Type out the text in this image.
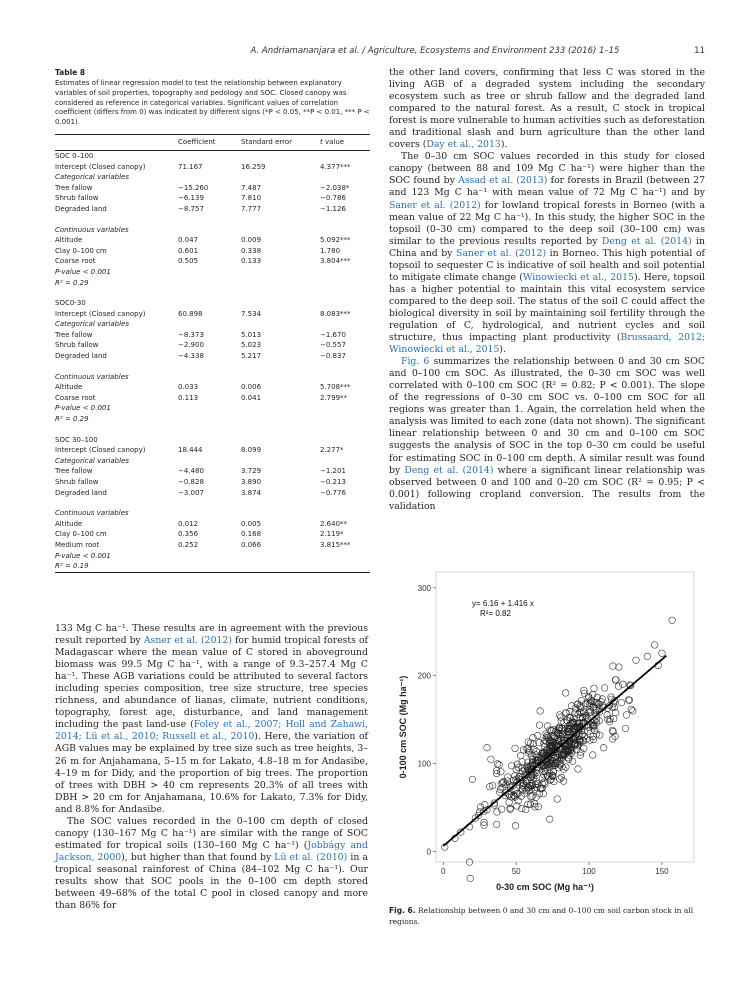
A. Andriamananjara et al. / Agriculture, Ecosystems and Environment 233 (2016) 1–15	11
Table 8
Estimates of linear regression model to test the relationship between explanatory variables of soil properties, topography and pedology and SOC. Closed canopy was considered as reference in categorical variables. Significant values of correlation coefficient (differs from 0) was indicated by different signs (*P < 0.05, **P < 0.01, *** P < 0.001).
	Coefficient	Standard error	t value
SOC 0–100			
Intercept (Closed canopy)	71.167	16.259	4.377***
Categorical variables			
Tree fallow	−15.260	7.487	−2.038*
Shrub fallow	−6.139	7.810	−0.786
Degraded land	−8.757	7.777	−1.126

Continuous variables			
Altitude	0.047	0.009	5.092***
Clay 0–100 cm	0.601	0.338	1.780
Coarse root	0.505	0.133	3.804***
P-value < 0.001			
R² = 0.29			

SOC0-30			
Intercept (Closed canopy)	60.898	7.534	8.083***
Categorical variables			
Tree fallow	−8.373	5.013	−1.670
Shrub fallow	−2.900	5.023	−0.557
Degraded land	−4.338	5.217	−0.837

Continuous variables			
Altitude	0.033	0.006	5.708***
Coarse root	0.113	0.041	2.799**
P-value < 0.001			
R² = 0.29			

SOC 30–100			
Intercept (Closed canopy)	18.444	8.099	2.277*
Categorical variables			
Tree fallow	−4.480	3.729	−1.201
Shrub fallow	−0.828	3.890	−0.213
Degraded land	−3.007	3.874	−0.776

Continuous variables			
Altitude	0.012	0.005	2.640**
Clay 0–100 cm	0.356	0.168	2.119*
Medium root	0.252	0.066	3.815***
P-value < 0.001			
R² = 0.19			

the other land covers, confirming that less C was stored in the living AGB of a degraded system including the secondary ecosystem such as tree or shrub fallow and the degraded land compared to the natural forest. As a result, C stock in tropical forest is more vulnerable to human activities such as deforestation and traditional slash and burn agriculture than the other land covers (Day et al., 2013).

The 0–30 cm SOC values recorded in this study for closed canopy (between 88 and 109 Mg C ha⁻¹) were higher than the SOC found by Assad et al. (2013) for forests in Brazil (between 27 and 123 Mg C ha⁻¹ with mean value of 72 Mg C ha⁻¹) and by Saner et al. (2012) for lowland tropical forests in Borneo (with a mean value of 22 Mg C ha⁻¹). In this study, the higher SOC in the topsoil (0–30 cm) compared to the deep soil (30–100 cm) was similar to the previous results reported by Deng et al. (2014) in China and by Saner et al. (2012) in Borneo. This high potential of topsoil to sequester C is indicative of soil health and soil potential to mitigate climate change (Winowiecki et al., 2015). Here, topsoil has a higher potential to maintain this vital ecosystem service compared to the deep soil. The status of the soil C could affect the biological diversity in soil by maintaining soil fertility through the regulation of C, hydrological, and nutrient cycles and soil structure, thus impacting plant productivity (Brussaard, 2012; Winowiecki et al., 2015).

Fig. 6 summarizes the relationship between 0 and 30 cm SOC and 0–100 cm SOC. As illustrated, the 0–30 cm SOC was well correlated with 0–100 cm SOC (R² = 0.82; P < 0.001). The slope of the regressions of 0–30 cm SOC vs. 0–100 cm SOC for all regions was greater than 1. Again, the correlation held when the analysis was limited to each zone (data not shown). The significant linear relationship between 0 and 30 cm and 0–100 cm SOC suggests the analysis of SOC in the top 0–30 cm could be useful for estimating SOC in 0–100 cm depth. A similar result was found by Deng et al. (2014) where a significant linear relationship was observed between 0 and 100 and 0–20 cm SOC (R² = 0.95; P < 0.001) following cropland conversion. The results from the validation

133 Mg C ha⁻¹. These results are in agreement with the previous result reported by Asner et al. (2012) for humid tropical forests of Madagascar where the mean value of C stored in aboveground biomass was 99.5 Mg C ha⁻¹, with a range of 9.3–257.4 Mg C ha⁻¹. These AGB variations could be attributed to several factors including species composition, tree size structure, tree species richness, and abundance of lianas, climate, nutrient conditions, topography, forest age, disturbance, and land management including the past land-use (Foley et al., 2007; Holl and Zahawi, 2014; Lü et al., 2010; Russell et al., 2010). Here, the variation of AGB values may be explained by tree size such as tree heights, 3–26 m for Anjahamana, 5–15 m for Lakato, 4.8–18 m for Andasibe, 4–19 m for Didy, and the proportion of big trees. The proportion of trees with DBH > 40 cm represents 20.3% of all trees with DBH > 20 cm for Anjahamana, 10.6% for Lakato, 7.3% for Didy, and 8.8% for Andasibe.

The SOC values recorded in the 0–100 cm depth of closed canopy (130–167 Mg C ha⁻¹) are similar with the range of SOC estimated for tropical soils (130–160 Mg C ha⁻¹) (Jobbágy and Jackson, 2000), but higher than that found by Lü et al. (2010) in a tropical seasonal rainforest of China (84–102 Mg C ha⁻¹). Our results show that SOC pools in the 0–100 cm depth stored between 49–68% of the total C pool in closed canopy and more than 86% for

0	50	100	150
0
100
200
300
0-30 cm SOC (Mg ha⁻¹)
0-100 cm SOC (Mg ha⁻¹)
y= 6.16 + 1.416 x
R²= 0.82
Fig. 6. Relationship between 0 and 30 cm and 0–100 cm soil carbon stock in all regions.
